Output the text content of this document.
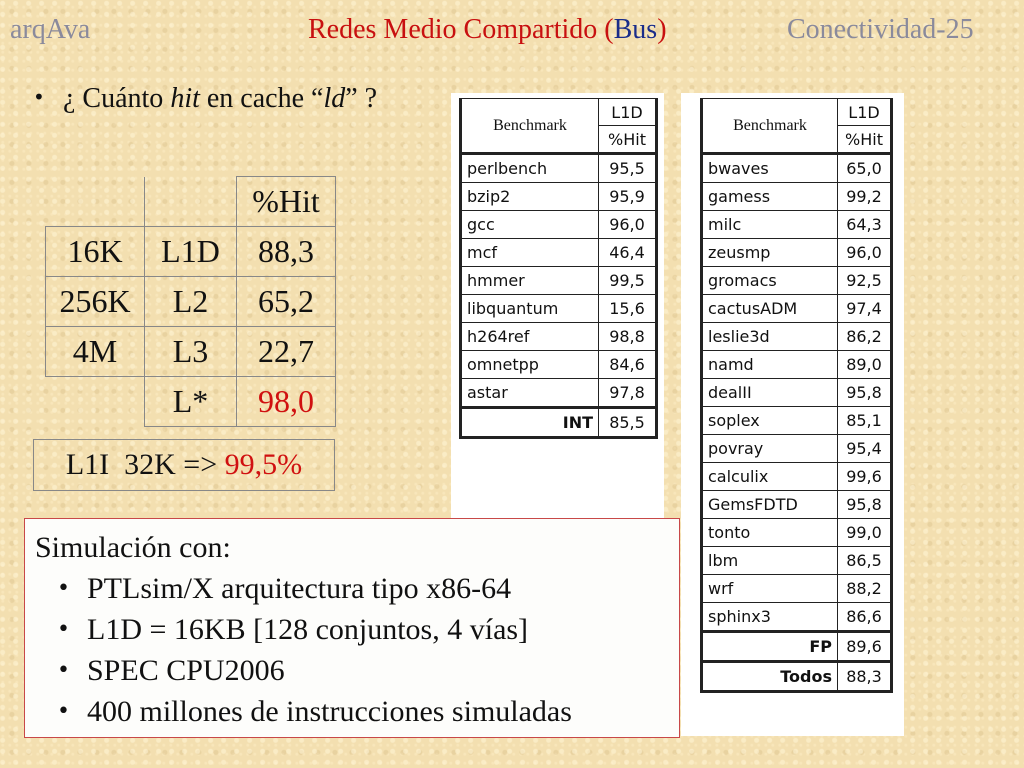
arqAva	Redes Medio Compartido (Bus)	Conectividad-25
• ¿ Cuánto hit en cache “ld” ?
		%Hit
16K	L1D	88,3
256K	L2	65,2
4M	L3	22,7
	L*	98,0
L1I  32K => 99,5%
Simulación con:
• PTLsim/X arquitectura tipo x86-64
• L1D = 16KB [128 conjuntos, 4 vías]
• SPEC CPU2006
• 400 millones de instrucciones simuladas
Benchmark	L1D
	%Hit
perlbench	95,5
bzip2	95,9
gcc	96,0
mcf	46,4
hmmer	99,5
libquantum	15,6
h264ref	98,8
omnetpp	84,6
astar	97,8
INT	85,5
Benchmark	L1D
	%Hit
bwaves	65,0
gamess	99,2
milc	64,3
zeusmp	96,0
gromacs	92,5
cactusADM	97,4
leslie3d	86,2
namd	89,0
dealII	95,8
soplex	85,1
povray	95,4
calculix	99,6
GemsFDTD	95,8
tonto	99,0
lbm	86,5
wrf	88,2
sphinx3	86,6
FP	89,6
Todos	88,3
